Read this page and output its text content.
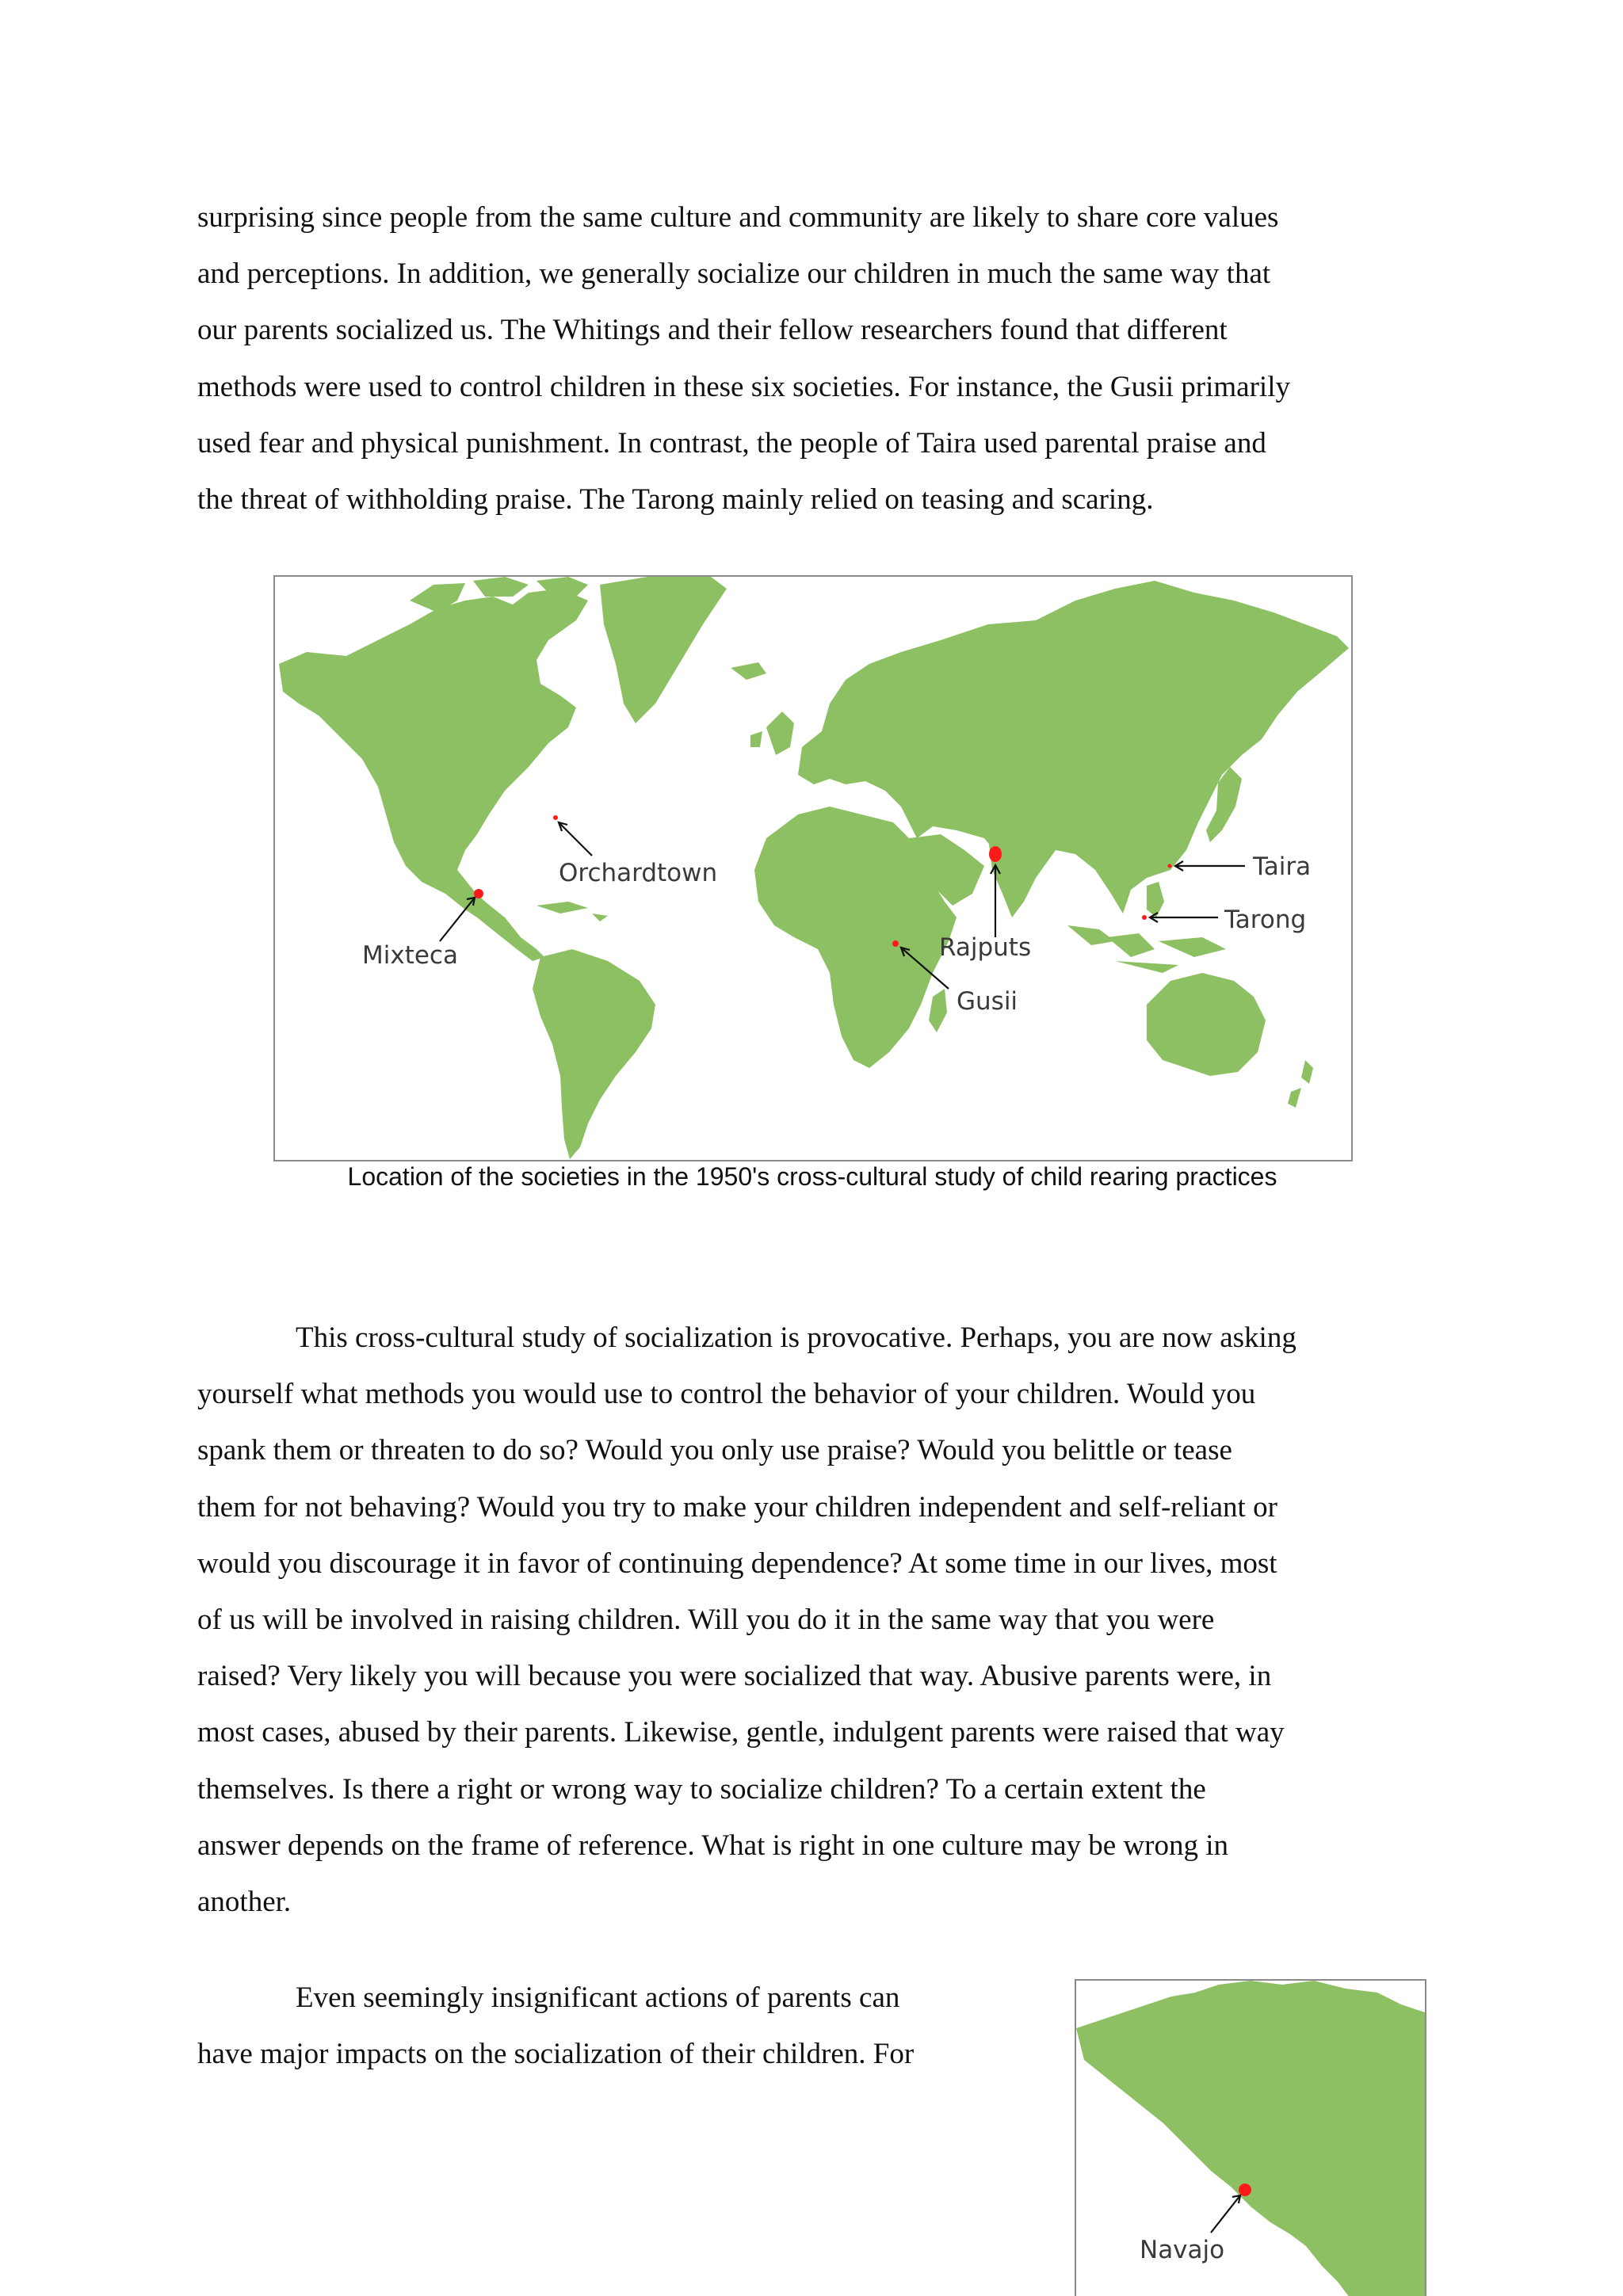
surprising since people from the same culture and community are likely to share core values
and perceptions. In addition, we generally socialize our children in much the same way that
our parents socialized us. The Whitings and their fellow researchers found that different
methods were used to control children in these six societies. For instance, the Gusii primarily
used fear and physical punishment. In contrast, the people of Taira used parental praise and
the threat of withholding praise. The Tarong mainly relied on teasing and scaring.
Orchardtown
Mixteca	Rajputs
Gusii
Taira
Tarong
Location of the societies in the 1950's cross-cultural study of child rearing practices
This cross-cultural study of socialization is provocative. Perhaps, you are now asking
yourself what methods you would use to control the behavior of your children. Would you
spank them or threaten to do so? Would you only use praise? Would you belittle or tease
them for not behaving? Would you try to make your children independent and self-reliant or
would you discourage it in favor of continuing dependence? At some time in our lives, most
of us will be involved in raising children. Will you do it in the same way that you were
raised? Very likely you will because you were socialized that way. Abusive parents were, in
most cases, abused by their parents. Likewise, gentle, indulgent parents were raised that way
themselves. Is there a right or wrong way to socialize children? To a certain extent the
answer depends on the frame of reference. What is right in one culture may be wrong in
another.
Even seemingly insignificant actions of parents can
have major impacts on the socialization of their children. For
Navajo
